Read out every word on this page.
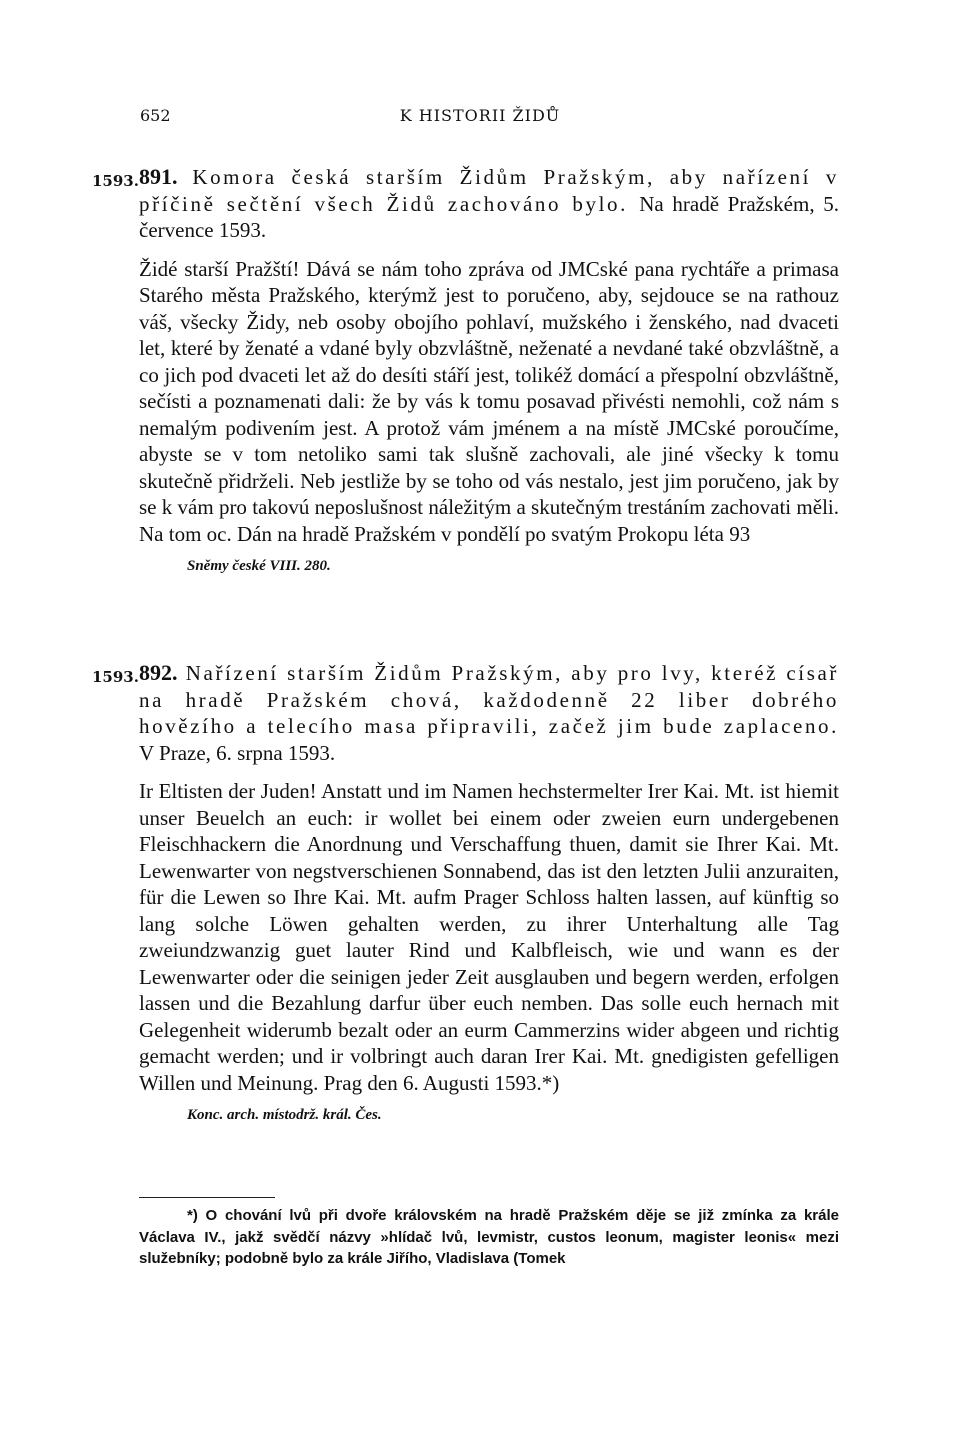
652	K HISTORII ŽIDŮ
1593. 891. Komora česká starším Židům Pražským, aby nařízení v příčině sečtění všech Židů zachováno bylo. Na hradě Pražském, 5. července 1593.

Židé starší Pražští! Dává se nám toho zpráva od JMCské pana rychtáře a primasa Starého města Pražského, kterýmž jest to poručeno, aby, sejdouce se na rathouz váš, všecky Židy, neb osoby obojího pohlaví, mužského i ženského, nad dvaceti let, které by ženaté a vdané byly obzvláštně, neženaté a nevdané také obzvláštně, a co jich pod dvaceti let až do desíti stáří jest, tolikéž domácí a přespolní obzvláštně, sečísti a poznamenati dali: že by vás k tomu posavad přivésti nemohli, což nám s nemalým podivením jest. A protož vám jménem a na místě JMCské poroučíme, abyste se v tom netoliko sami tak slušně zachovali, ale jiné všecky k tomu skutečně přidrželi. Neb jestliže by se toho od vás nestalo, jest jim poručeno, jak by se k vám pro takovú neposlušnost náležitým a skutečným trestáním zachovati měli. Na tom oc. Dán na hradě Pražském v pondělí po svatým Prokopu léta 93

Sněmy české VIII. 280.

1593. 892. Nařízení starším Židům Pražským, aby pro lvy, kteréž císař na hradě Pražském chová, každodenně 22 liber dobrého hovězího a telecího masa připravili, začež jim bude zaplaceno. V Praze, 6. srpna 1593.

Ir Eltisten der Juden! Anstatt und im Namen hechstermelter Irer Kai. Mt. ist hiemit unser Beuelch an euch: ir wollet bei einem oder zweien eurn undergebenen Fleischhackern die Anordnung und Verschaffung thuen, damit sie Ihrer Kai. Mt. Lewenwarter von negstverschienen Sonnabend, das ist den letzten Julii anzuraiten, für die Lewen so Ihre Kai. Mt. aufm Prager Schloss halten lassen, auf künftig so lang solche Löwen gehalten werden, zu ihrer Unterhaltung alle Tag zweiundzwanzig guet lauter Rind und Kalbfleisch, wie und wann es der Lewenwarter oder die seinigen jeder Zeit ausglauben und begern werden, erfolgen lassen und die Bezahlung darfur über euch nemben. Das solle euch hernach mit Gelegenheit widerumb bezalt oder an eurm Cammerzins wider abgeen und richtig gemacht werden; und ir volbringt auch daran Irer Kai. Mt. gnedigisten gefelligen Willen und Meinung. Prag den 6. Augusti 1593.*)

Konc. arch. místodrž. král. Čes.

*) O chování lvů při dvoře královském na hradě Pražském děje se již zmínka za krále Václava IV., jakž svědčí názvy »hlídač lvů, levmistr, custos leonum, magister leonis« mezi služebníky; podobně bylo za krále Jiřího, Vladislava (Tomek
